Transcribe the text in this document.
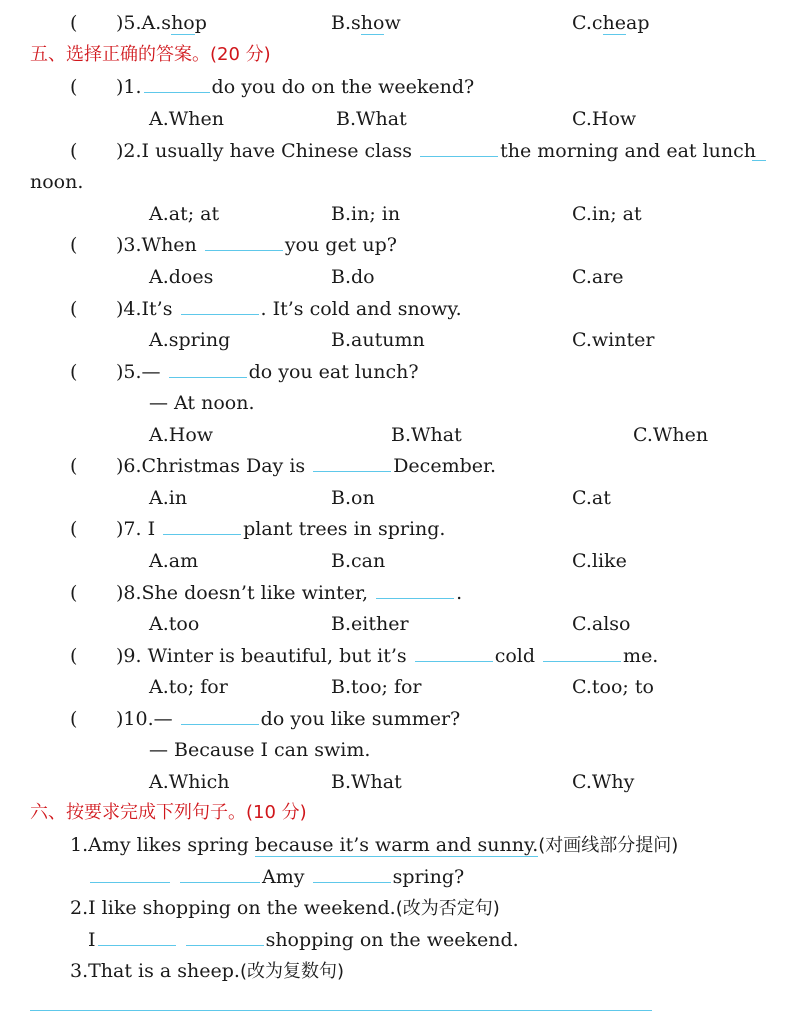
( )5.A.shop	B.show	C.cheap
五、选择正确的答案。(20 分)
( )1.	do you do on the weekend?
A.When	B.What	C.How
( )2.I usually have Chinese class	the morning and eat lunch
noon.
A.at; at	B.in; in	C.in; at
( )3.When	you get up?
A.does	B.do	C.are
( )4.It’s	. It’s cold and snowy.
A.spring	B.autumn	C.winter
( )5.—	do you eat lunch?
— At noon.
A.How	B.What	C.When
( )6.Christmas Day is	December.
A.in	B.on	C.at
( )7. I	plant trees in spring.
A.am	B.can	C.like
( )8.She doesn’t like winter,	.
A.too	B.either	C.also
( )9. Winter is beautiful, but it’s	cold	me.
A.to; for	B.too; for	C.too; to
( )10.—	do you like summer?
— Because I can swim.
A.Which	B.What	C.Why
六、按要求完成下列句子。(10 分)
1.Amy likes spring because it’s warm and sunny.(对画线部分提问)
Amy	spring?
2.I like shopping on the weekend.(改为否定句)
I	shopping on the weekend.
3.That is a sheep.(改为复数句)
